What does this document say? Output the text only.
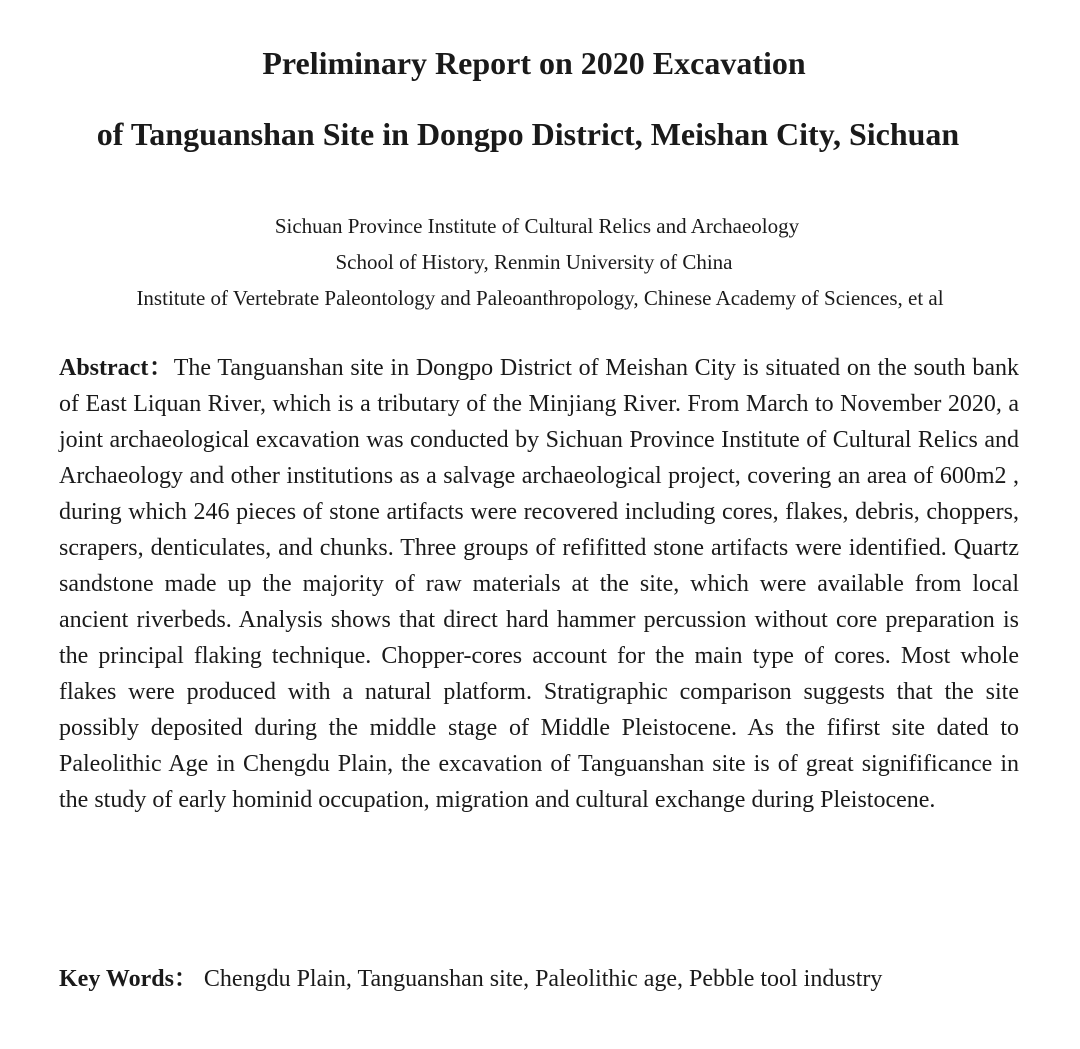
Preliminary Report on 2020 Excavation
of Tanguanshan Site in Dongpo District, Meishan City, Sichuan
Sichuan Province Institute of Cultural Relics and Archaeology
School of History, Renmin University of China
Institute of Vertebrate Paleontology and Paleoanthropology, Chinese Academy of Sciences, et al

Abstract：The Tanguanshan site in Dongpo District of Meishan City is situated on the south bank of East Liquan River, which is a tributary of the Minjiang River. From March to November 2020, a joint archaeological excavation was conducted by Sichuan Province Institute of Cultural Relics and Archaeology and other institutions as a salvage archaeological project, covering an area of 600m2 , during which 246 pieces of stone artifacts were recovered including cores, flakes, debris, choppers, scrapers, denticulates, and chunks. Three groups of refifitted stone artifacts were identified. Quartz sandstone made up the majority of raw materials at the site, which were available from local ancient riverbeds. Analysis shows that direct hard hammer percussion without core preparation is the principal flaking technique. Chopper-cores account for the main type of cores. Most whole flakes were produced with a natural platform. Stratigraphic comparison suggests that the site possibly deposited during the middle stage of Middle Pleistocene. As the fifirst site dated to Paleolithic Age in Chengdu Plain, the excavation of Tanguanshan site is of great signifificance in the study of early hominid occupation, migration and cultural exchange during Pleistocene.

Key Words： Chengdu Plain, Tanguanshan site, Paleolithic age, Pebble tool industry
